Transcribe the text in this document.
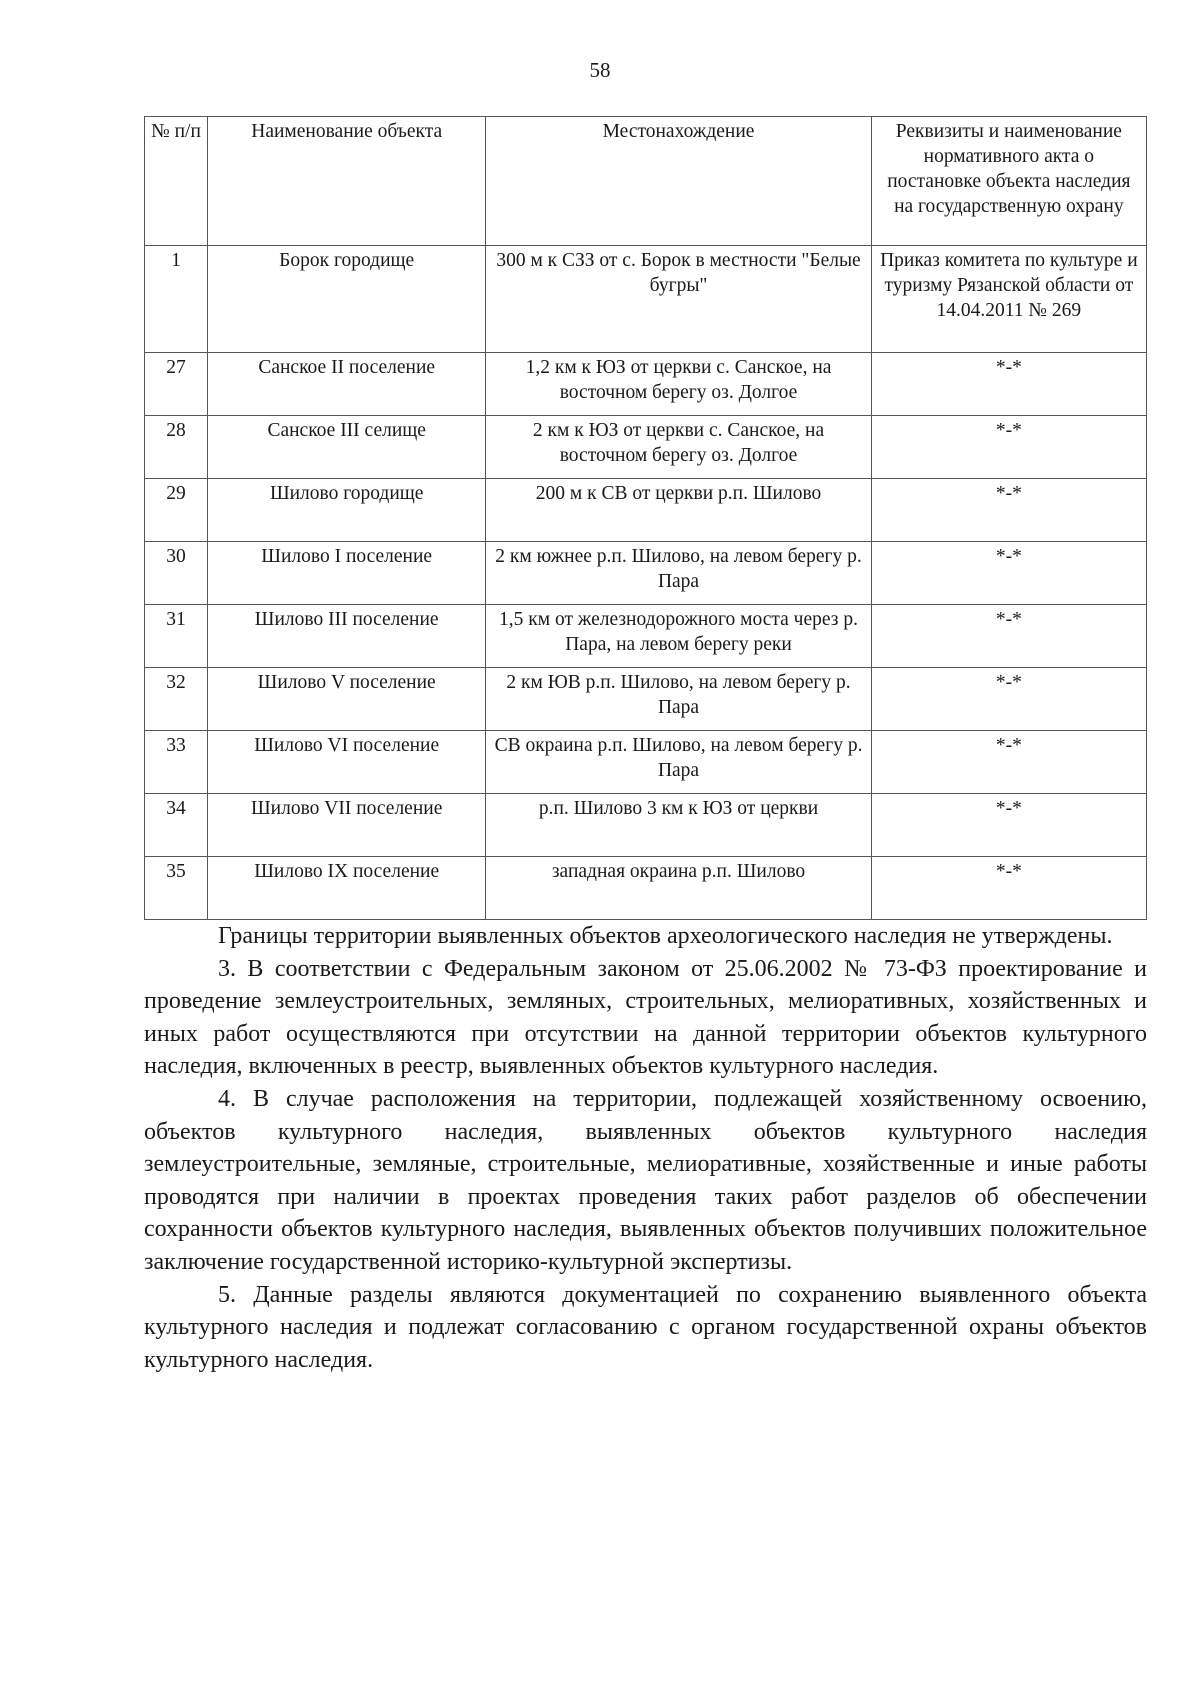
58
№ п/п	Наименование объекта	Местонахождение	Реквизиты и наименование нормативного акта о постановке объекта наследия на государственную охрану
1	Борок городище	300 м к СЗЗ от с. Борок в местности "Белые бугры"	Приказ комитета по культуре и туризму Рязанской области от 14.04.2011 № 269
27	Санское II поселение	1,2 км к ЮЗ от церкви с. Санское, на восточном берегу оз. Долгое	*-*
28	Санское III селище	2 км к ЮЗ от церкви с. Санское, на восточном берегу оз. Долгое	*-*
29	Шилово городище	200 м к СВ от церкви р.п. Шилово	*-*
30	Шилово I поселение	2 км южнее р.п. Шилово, на левом берегу р. Пара	*-*
31	Шилово III поселение	1,5 км от железнодорожного моста через р. Пара, на левом берегу реки	*-*
32	Шилово V поселение	2 км ЮВ р.п. Шилово, на левом берегу р. Пара	*-*
33	Шилово VI поселение	СВ окраина р.п. Шилово, на левом берегу р. Пара	*-*
34	Шилово VII поселение	р.п. Шилово 3 км к ЮЗ от церкви	*-*
35	Шилово IX поселение	западная окраина р.п. Шилово	*-*

Границы территории выявленных объектов археологического наследия не утверждены.

3. В соответствии с Федеральным законом от 25.06.2002 № 73-ФЗ проектирование и проведение землеустроительных, земляных, строительных, мелиоративных, хозяйственных и иных работ осуществляются при отсутствии на данной территории объектов культурного наследия, включенных в реестр, выявленных объектов культурного наследия.

4. В случае расположения на территории, подлежащей хозяйственному освоению, объектов культурного наследия, выявленных объектов культурного наследия землеустроительные, земляные, строительные, мелиоративные, хозяйственные и иные работы проводятся при наличии в проектах проведения таких работ разделов об обеспечении сохранности объектов культурного наследия, выявленных объектов получивших положительное заключение государственной историко-культурной экспертизы.

5. Данные разделы являются документацией по сохранению выявленного объекта культурного наследия и подлежат согласованию с органом государственной охраны объектов культурного наследия.
